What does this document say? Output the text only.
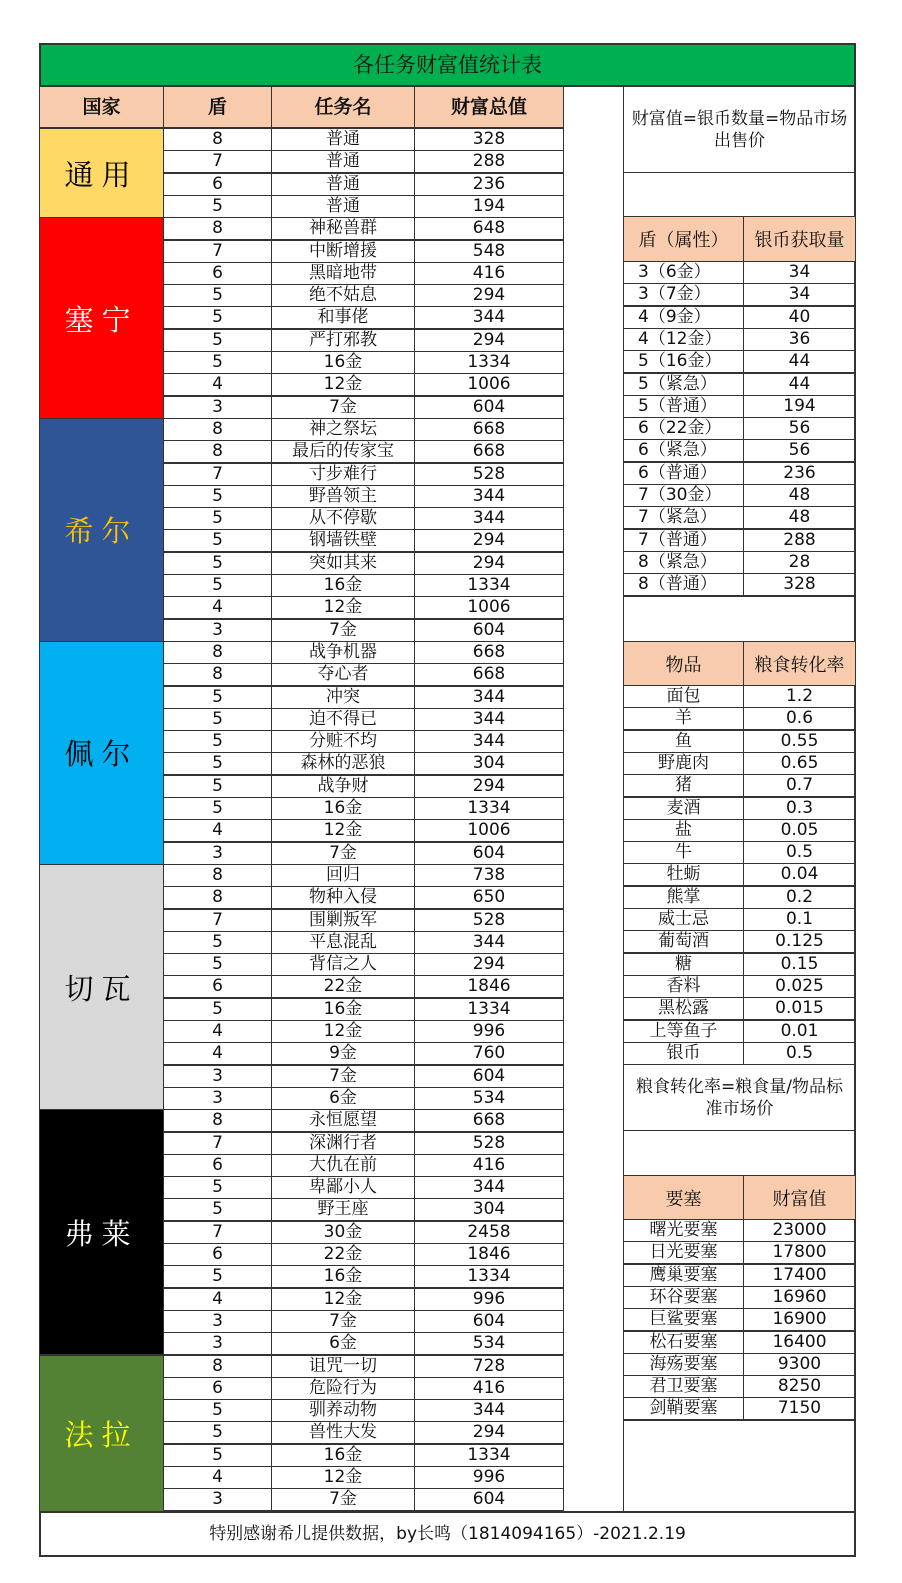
各任务财富值统计表
国家	盾	任务名	财富总值
通用
8	普通	328
7	普通	288
6	普通	236
5	普通	194
塞宁
8	神秘兽群	648
7	中断增援	548
6	黑暗地带	416
5	绝不姑息	294
5	和事佬	344
5	严打邪教	294
5	16金	1334
4	12金	1006
3	7金	604
希尔
8	神之祭坛	668
8	最后的传家宝	668
7	寸步难行	528
5	野兽领主	344
5	从不停歇	344
5	钢墙铁壁	294
5	突如其来	294
5	16金	1334
4	12金	1006
3	7金	604
佩尔
8	战争机器	668
8	夺心者	668
5	冲突	344
5	迫不得已	344
5	分赃不均	344
5	森林的恶狼	304
5	战争财	294
5	16金	1334
4	12金	1006
3	7金	604
切瓦
8	回归	738
8	物种入侵	650
7	围剿叛军	528
5	平息混乱	344
5	背信之人	294
6	22金	1846
5	16金	1334
4	12金	996
4	9金	760
3	7金	604
3	6金	534
弗莱
8	永恒愿望	668
7	深渊行者	528
6	大仇在前	416
5	卑鄙小人	344
5	野王座	304
7	30金	2458
6	22金	1846
5	16金	1334
4	12金	996
3	7金	604
3	6金	534
法拉
8	诅咒一切	728
6	危险行为	416
5	驯养动物	344
5	兽性大发	294
5	16金	1334
4	12金	996
3	7金	604
财富值=银币数量=物品市场出售价
盾（属性）	银币获取量
3（6金）	34
3（7金）	34
4（9金）	40
4（12金）	36
5（16金）	44
5（紧急）	44
5（普通）	194
6（22金）	56
6（紧急）	56
6（普通）	236
7（30金）	48
7（紧急）	48
7（普通）	288
8（紧急）	28
8（普通）	328
物品	粮食转化率
面包	1.2
羊	0.6
鱼	0.55
野鹿肉	0.65
猪	0.7
麦酒	0.3
盐	0.05
牛	0.5
牡蛎	0.04
熊掌	0.2
威士忌	0.1
葡萄酒	0.125
糖	0.15
香料	0.025
黑松露	0.015
上等鱼子	0.01
银币	0.5
粮食转化率=粮食量/物品标准市场价
要塞	财富值
曙光要塞	23000
日光要塞	17800
鹰巢要塞	17400
环谷要塞	16960
巨鲨要塞	16900
松石要塞	16400
海殇要塞	9300
君卫要塞	8250
剑鞘要塞	7150
特别感谢希儿提供数据，by长鸣（1814094165）-2021.2.19
